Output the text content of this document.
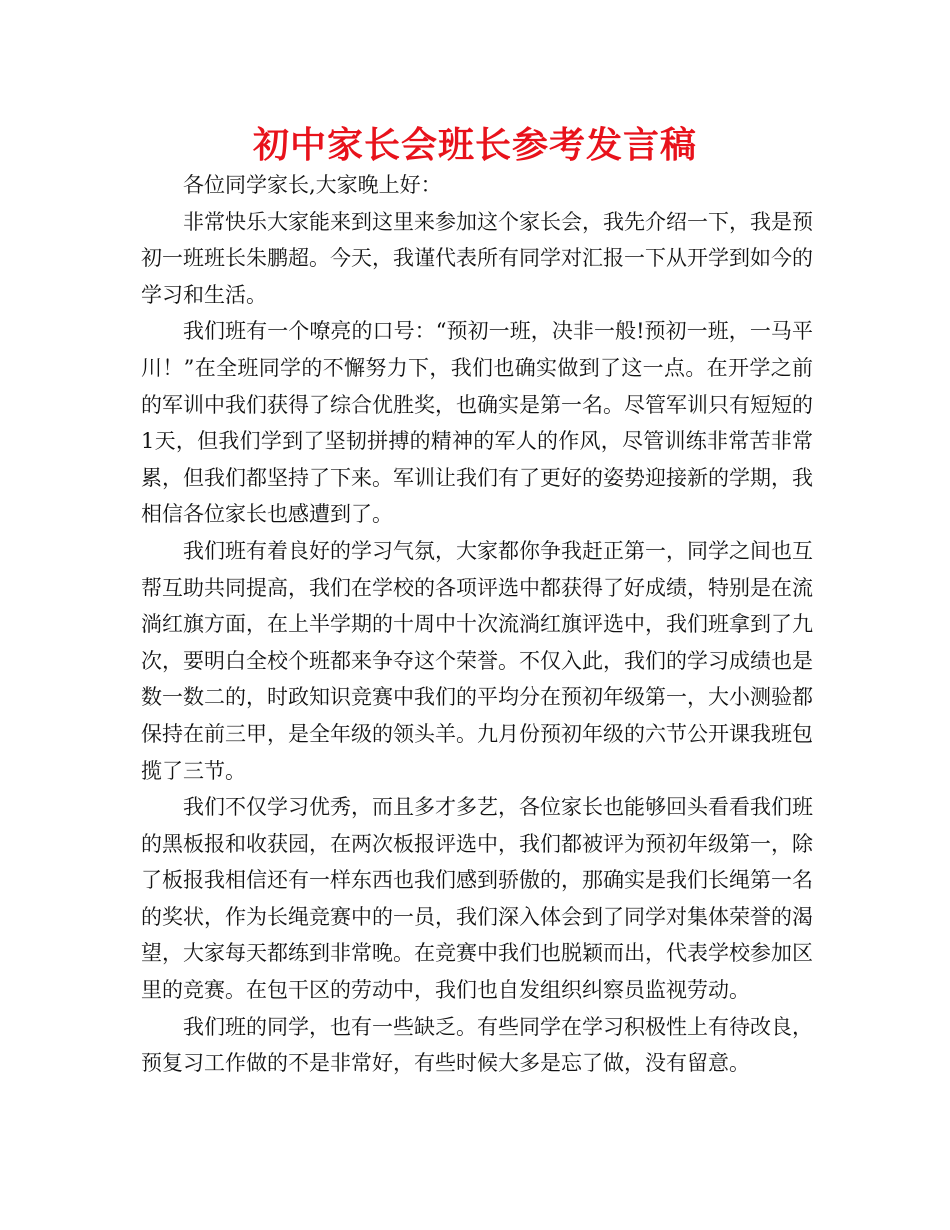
初中家长会班长参考发言稿

各位同学家长,大家晚上好：

非常快乐大家能来到这里来参加这个家长会，我先介绍一下，我是预初一班班长朱鹏超。今天，我谨代表所有同学对汇报一下从开学到如今的学习和生活。

我们班有一个嘹亮的口号：“预初一班，决非一般!预初一班，一马平川！”在全班同学的不懈努力下，我们也确实做到了这一点。在开学之前的军训中我们获得了综合优胜奖，也确实是第一名。尽管军训只有短短的1天，但我们学到了坚韧拼搏的精神的军人的作风，尽管训练非常苦非常累，但我们都坚持了下来。军训让我们有了更好的姿势迎接新的学期，我相信各位家长也感遭到了。

我们班有着良好的学习气氛，大家都你争我赶正第一，同学之间也互帮互助共同提高，我们在学校的各项评选中都获得了好成绩，特别是在流淌红旗方面，在上半学期的十周中十次流淌红旗评选中，我们班拿到了九次，要明白全校个班都来争夺这个荣誉。不仅入此，我们的学习成绩也是数一数二的，时政知识竞赛中我们的平均分在预初年级第一，大小测验都保持在前三甲，是全年级的领头羊。九月份预初年级的六节公开课我班包揽了三节。

我们不仅学习优秀，而且多才多艺，各位家长也能够回头看看我们班的黑板报和收获园，在两次板报评选中，我们都被评为预初年级第一，除了板报我相信还有一样东西也我们感到骄傲的，那确实是我们长绳第一名的奖状，作为长绳竞赛中的一员，我们深入体会到了同学对集体荣誉的渴望，大家每天都练到非常晚。在竞赛中我们也脱颖而出，代表学校参加区里的竞赛。在包干区的劳动中，我们也自发组织纠察员监视劳动。

我们班的同学，也有一些缺乏。有些同学在学习积极性上有待改良，预复习工作做的不是非常好，有些时候大多是忘了做，没有留意。
